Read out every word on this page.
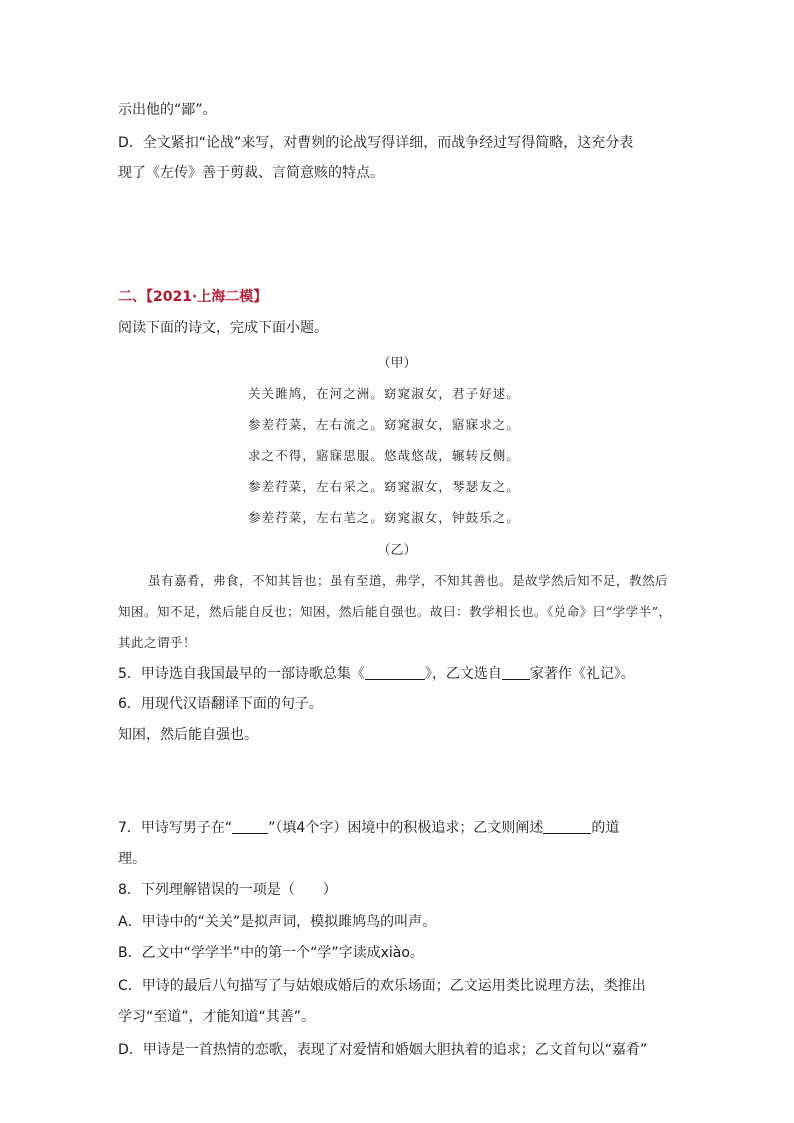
示出他的“鄙”。
D．全文紧扣“论战”来写，对曹刿的论战写得详细，而战争经过写得简略，这充分表
现了《左传》善于剪裁、言简意赅的特点。
二、【2021·上海二模】
阅读下面的诗文，完成下面小题。
（甲）
关关雎鸠，在河之洲。窈窕淑女，君子好逑。
参差荇菜，左右流之。窈窕淑女，寤寐求之。
求之不得，寤寐思服。悠哉悠哉，辗转反侧。
参差荇菜，左右采之。窈窕淑女，琴瑟友之。
参差荇菜，左右芼之。窈窕淑女，钟鼓乐之。
（乙）

虽有嘉肴，弗食，不知其旨也；虽有至道，弗学，不知其善也。是故学然后知不足，教然后知困。知不足，然后能自反也；知困，然后能自强也。故曰：教学相长也。《兑命》曰“学学半”，其此之谓乎！

5．甲诗选自我国最早的一部诗歌总集《	》，乙文选自 家著作《礼记》。
6．用现代汉语翻译下面的句子。
知困，然后能自强也。
7．甲诗写男子在“	”（填4个字）困境中的积极追求；乙文则阐述	的道
理。
8．下列理解错误的一项是（　　）
A．甲诗中的“关关”是拟声词，模拟雎鸠鸟的叫声。
B．乙文中“学学半”中的第一个“学”字读成xiào。
C．甲诗的最后八句描写了与姑娘成婚后的欢乐场面；乙文运用类比说理方法，类推出
学习“至道”，才能知道“其善”。
D．甲诗是一首热情的恋歌，表现了对爱情和婚姻大胆执着的追求；乙文首句以“嘉肴”
